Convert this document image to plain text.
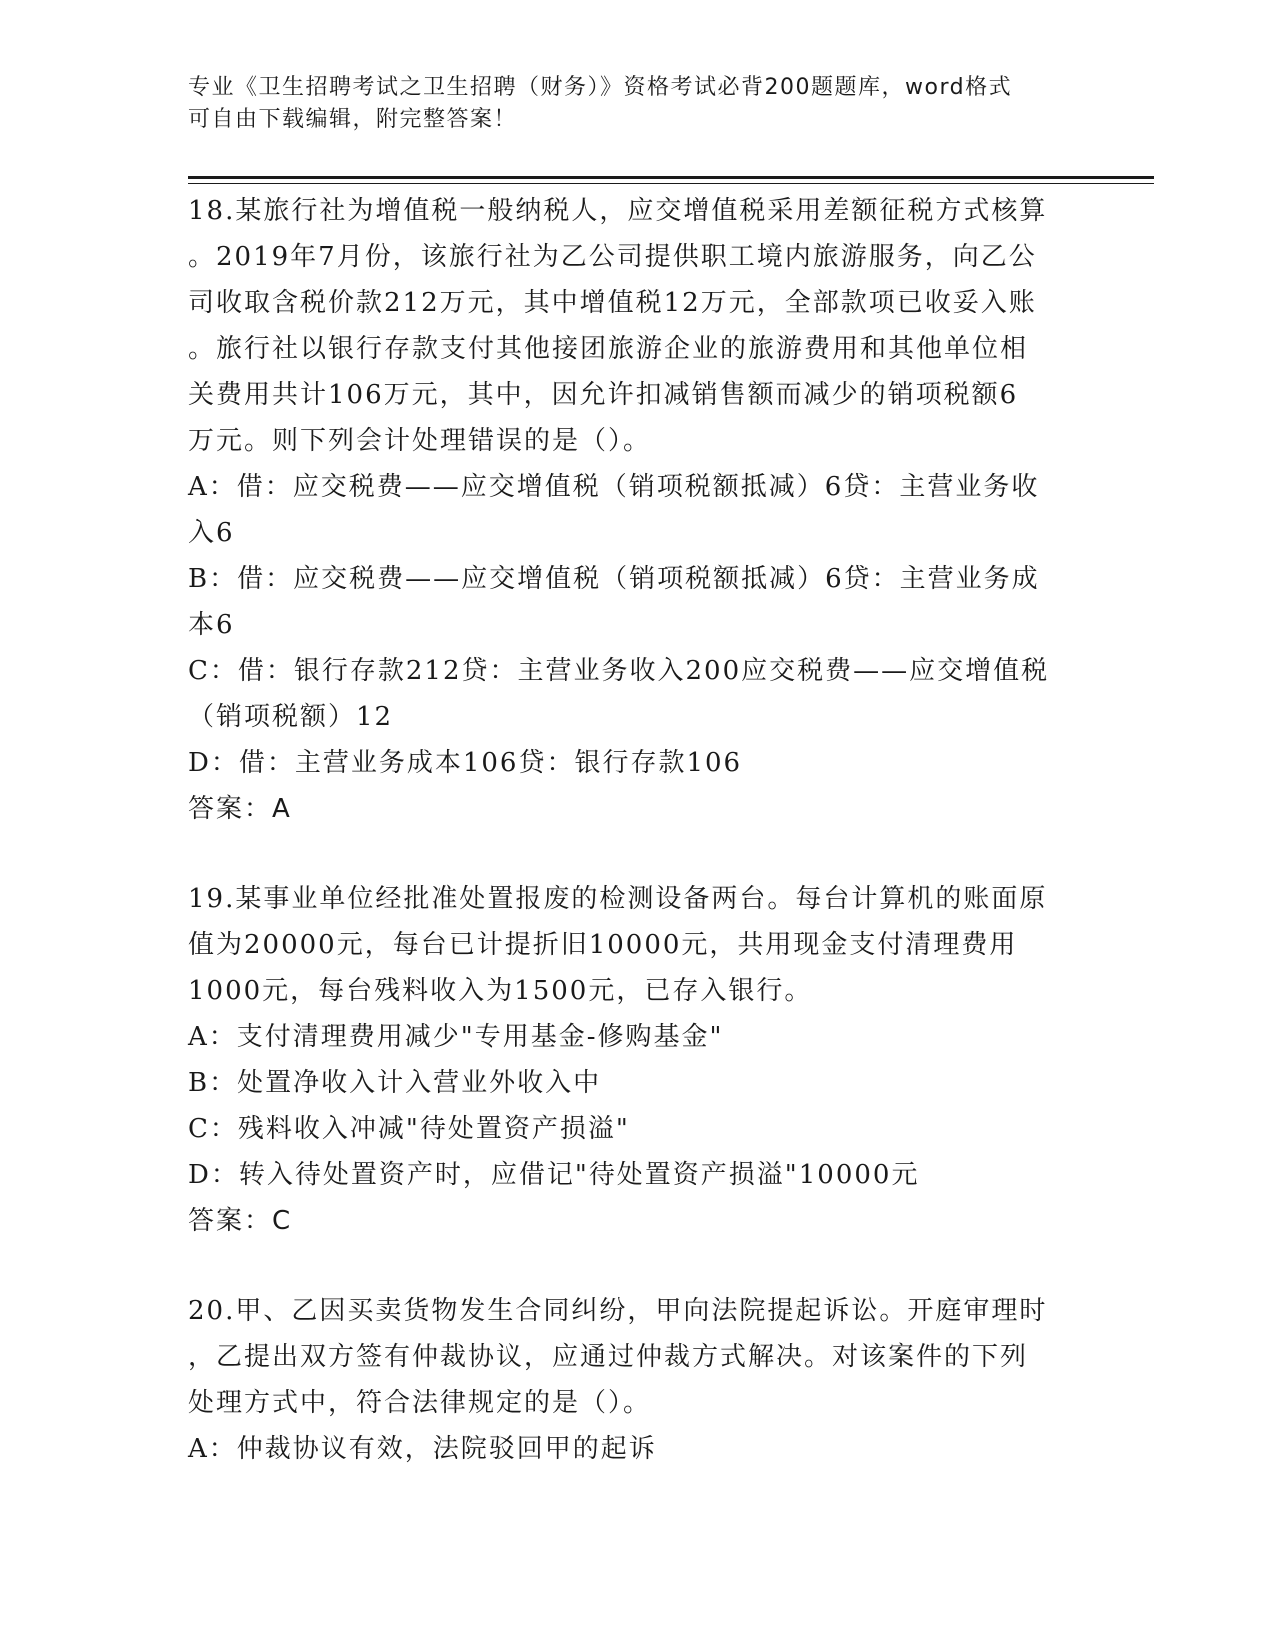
专业《卫生招聘考试之卫生招聘（财务）》资格考试必背200题题库，word格式
可自由下载编辑，附完整答案！
18.某旅行社为增值税一般纳税人，应交增值税采用差额征税方式核算
。2019年7月份，该旅行社为乙公司提供职工境内旅游服务，向乙公
司收取含税价款212万元，其中增值税12万元，全部款项已收妥入账
。旅行社以银行存款支付其他接团旅游企业的旅游费用和其他单位相
关费用共计106万元，其中，因允许扣减销售额而减少的销项税额6
万元。则下列会计处理错误的是（）。
A：借：应交税费——应交增值税（销项税额抵减）6贷：主营业务收
入6
B：借：应交税费——应交增值税（销项税额抵减）6贷：主营业务成
本6
C：借：银行存款212贷：主营业务收入200应交税费——应交增值税
（销项税额）12
D：借：主营业务成本106贷：银行存款106
答案：A
19.某事业单位经批准处置报废的检测设备两台。每台计算机的账面原
值为20000元，每台已计提折旧10000元，共用现金支付清理费用
1000元，每台残料收入为1500元，已存入银行。
A：支付清理费用减少"专用基金-修购基金"
B：处置净收入计入营业外收入中
C：残料收入冲减"待处置资产损溢"
D：转入待处置资产时，应借记"待处置资产损溢"10000元
答案：C
20.甲、乙因买卖货物发生合同纠纷，甲向法院提起诉讼。开庭审理时
，乙提出双方签有仲裁协议，应通过仲裁方式解决。对该案件的下列
处理方式中，符合法律规定的是（）。
A：仲裁协议有效，法院驳回甲的起诉
